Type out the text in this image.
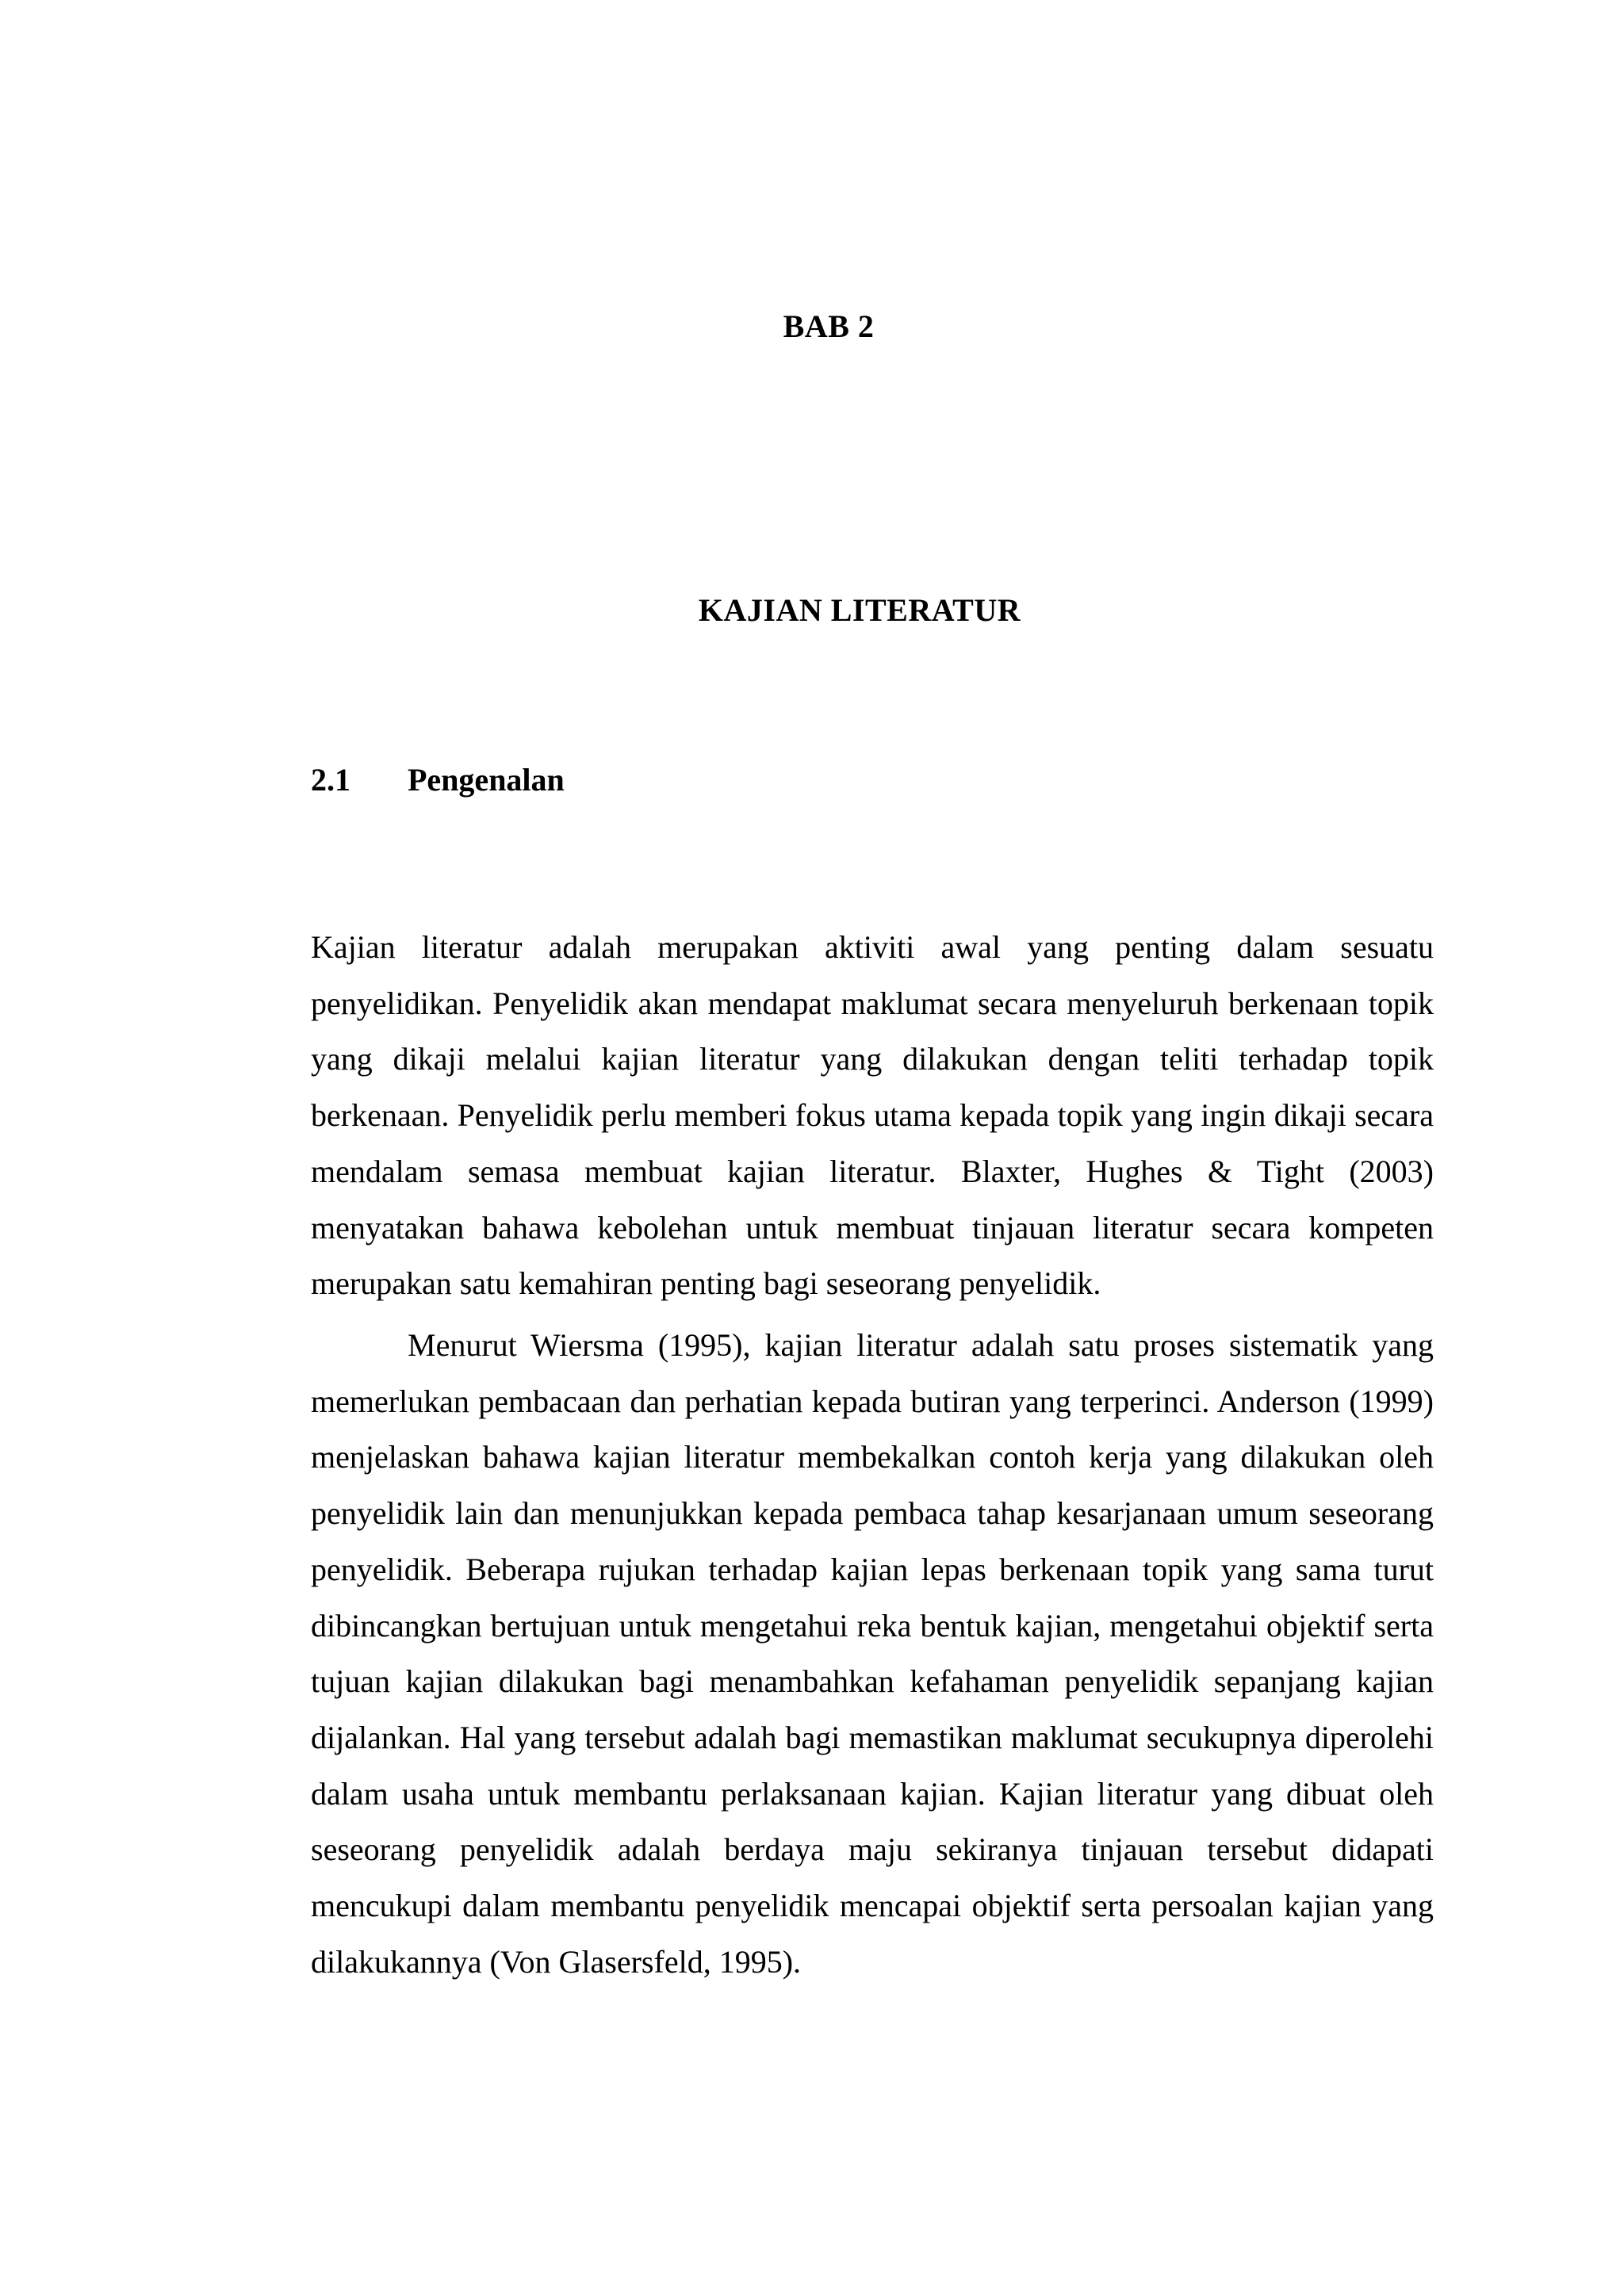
BAB 2
KAJIAN LITERATUR
2.1 Pengenalan

Kajian literatur adalah merupakan aktiviti awal yang penting dalam sesuatu penyelidikan. Penyelidik akan mendapat maklumat secara menyeluruh berkenaan topik yang dikaji melalui kajian literatur yang dilakukan dengan teliti terhadap topik berkenaan. Penyelidik perlu memberi fokus utama kepada topik yang ingin dikaji secara mendalam semasa membuat kajian literatur. Blaxter, Hughes & Tight (2003) menyatakan bahawa kebolehan untuk membuat tinjauan literatur secara kompeten merupakan satu kemahiran penting bagi seseorang penyelidik.

Menurut Wiersma (1995), kajian literatur adalah satu proses sistematik yang memerlukan pembacaan dan perhatian kepada butiran yang terperinci. Anderson (1999) menjelaskan bahawa kajian literatur membekalkan contoh kerja yang dilakukan oleh penyelidik lain dan menunjukkan kepada pembaca tahap kesarjanaan umum seseorang penyelidik. Beberapa rujukan terhadap kajian lepas berkenaan topik yang sama turut dibincangkan bertujuan untuk mengetahui reka bentuk kajian, mengetahui objektif serta tujuan kajian dilakukan bagi menambahkan kefahaman penyelidik sepanjang kajian dijalankan. Hal yang tersebut adalah bagi memastikan maklumat secukupnya diperolehi dalam usaha untuk membantu perlaksanaan kajian. Kajian literatur yang dibuat oleh seseorang penyelidik adalah berdaya maju sekiranya tinjauan tersebut didapati mencukupi dalam membantu penyelidik mencapai objektif serta persoalan kajian yang dilakukannya (Von Glasersfeld, 1995).
